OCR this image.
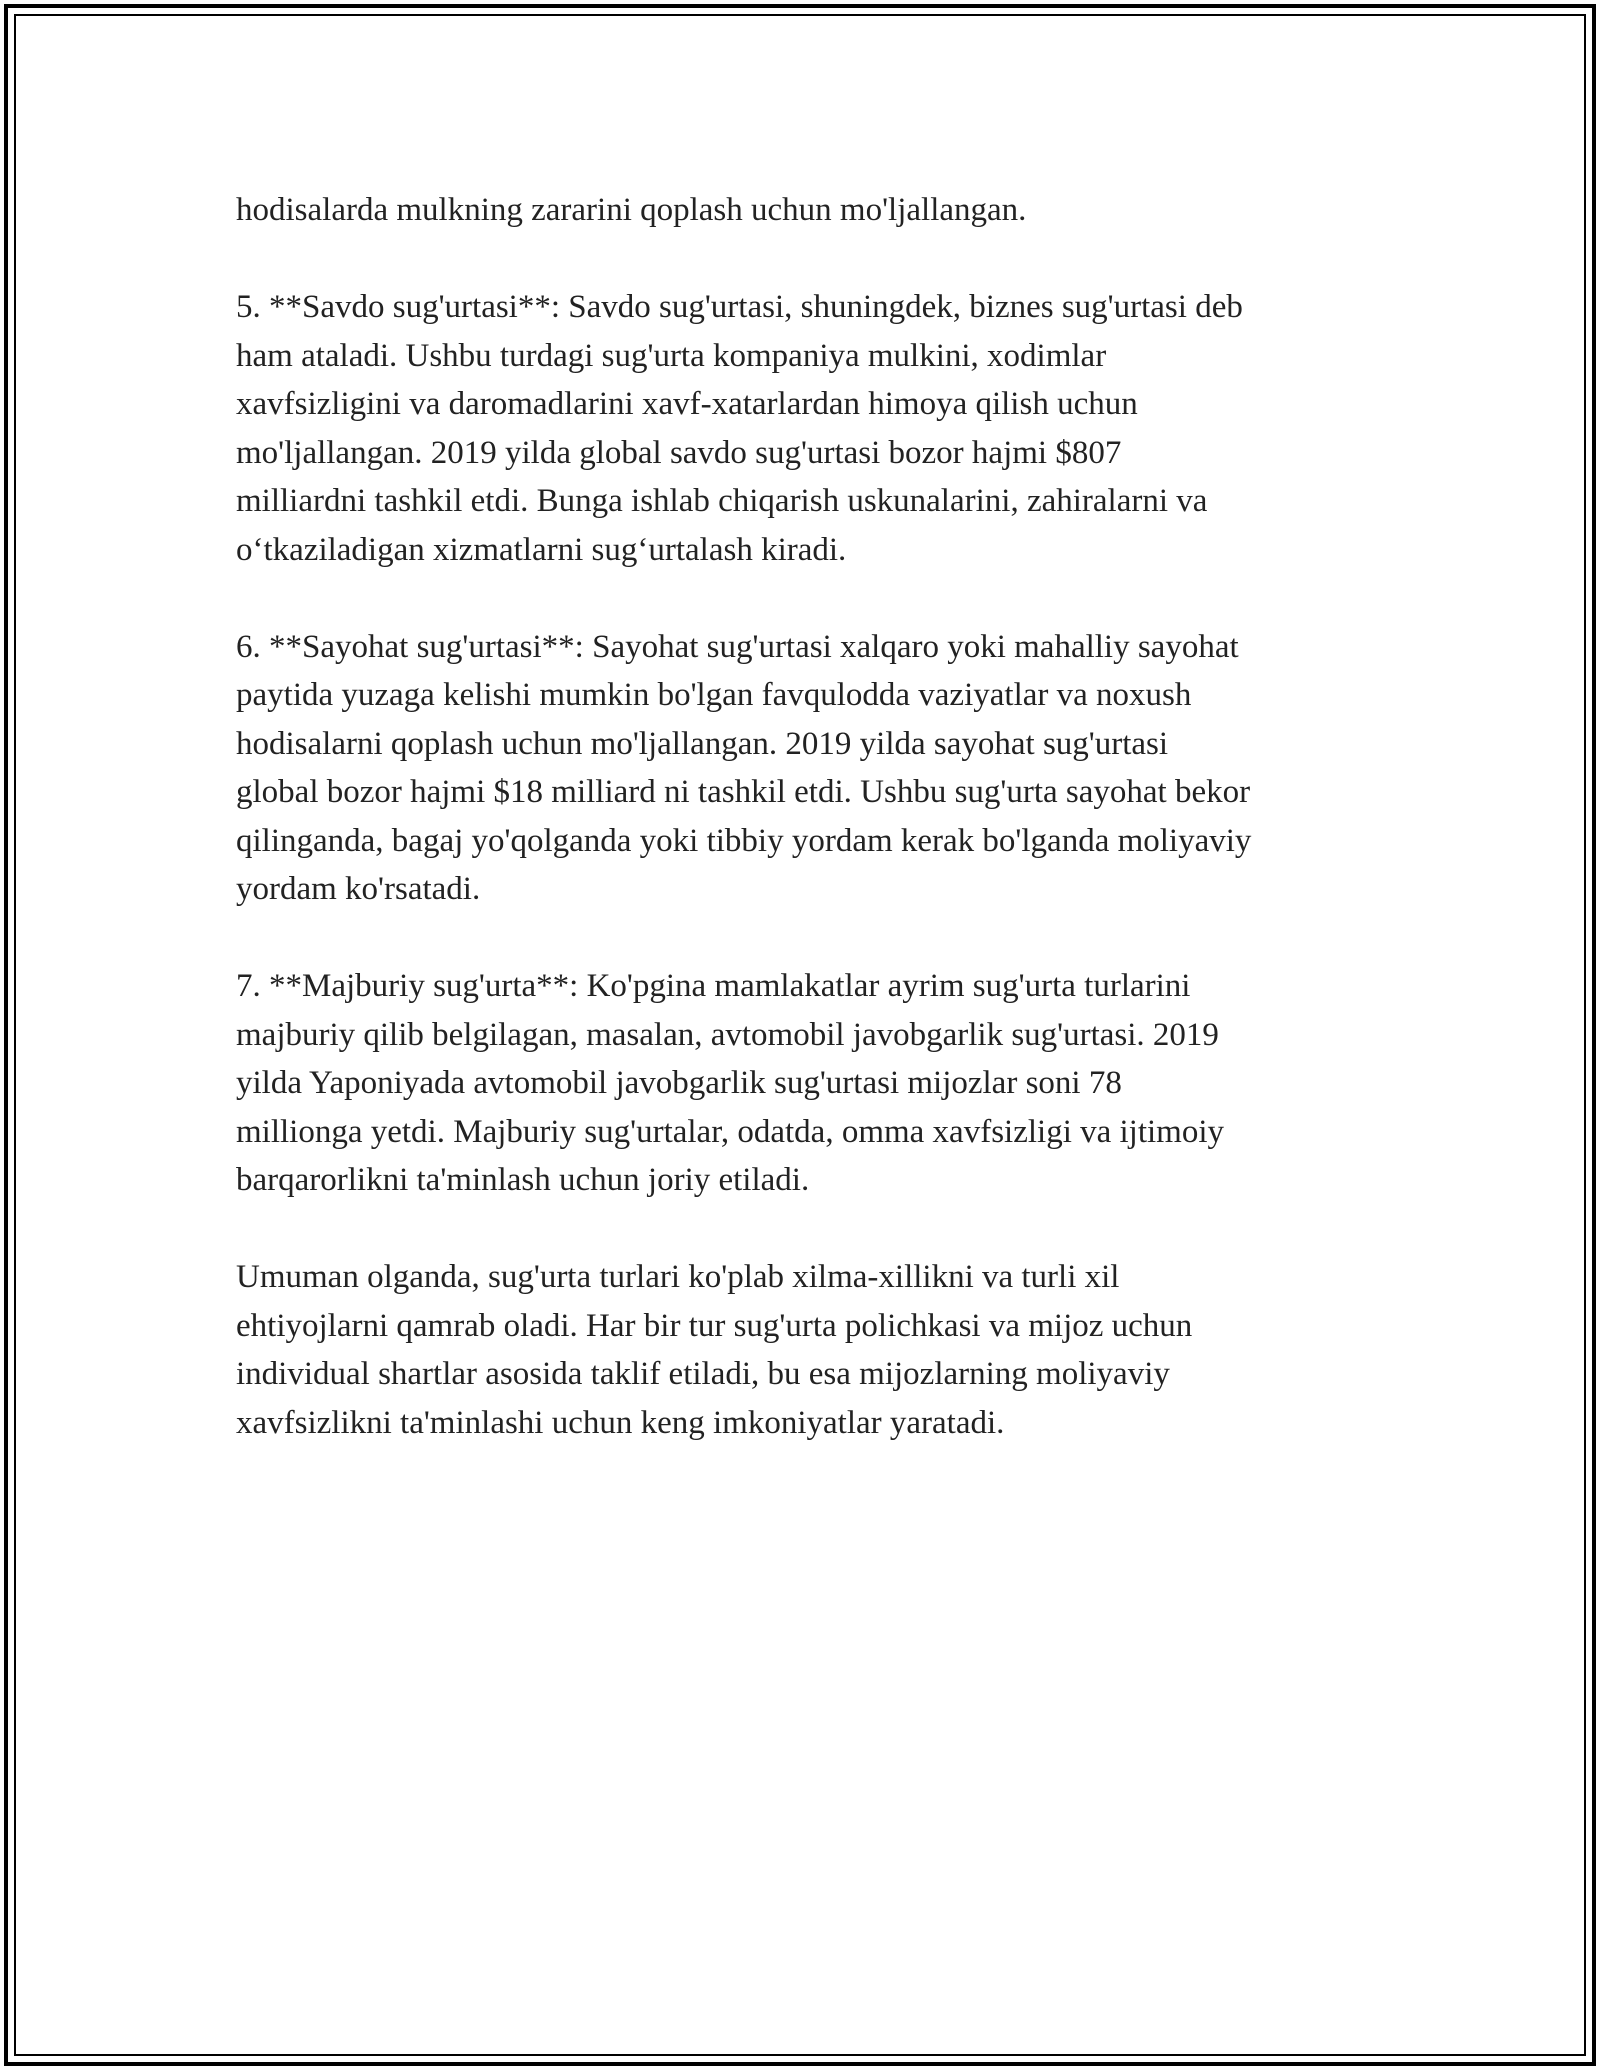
hodisalarda mulkning zararini qoplash uchun mo'ljallangan.

5. **Savdo sug'urtasi**: Savdo sug'urtasi, shuningdek, biznes sug'urtasi deb
ham ataladi. Ushbu turdagi sug'urta kompaniya mulkini, xodimlar
xavfsizligini va daromadlarini xavf-xatarlardan himoya qilish uchun
mo'ljallangan. 2019 yilda global savdo sug'urtasi bozor hajmi $807
milliardni tashkil etdi. Bunga ishlab chiqarish uskunalarini, zahiralarni va
o‘tkaziladigan xizmatlarni sug‘urtalash kiradi.

6. **Sayohat sug'urtasi**: Sayohat sug'urtasi xalqaro yoki mahalliy sayohat
paytida yuzaga kelishi mumkin bo'lgan favqulodda vaziyatlar va noxush
hodisalarni qoplash uchun mo'ljallangan. 2019 yilda sayohat sug'urtasi
global bozor hajmi $18 milliard ni tashkil etdi. Ushbu sug'urta sayohat bekor
qilinganda, bagaj yo'qolganda yoki tibbiy yordam kerak bo'lganda moliyaviy
yordam ko'rsatadi.

7. **Majburiy sug'urta**: Ko'pgina mamlakatlar ayrim sug'urta turlarini
majburiy qilib belgilagan, masalan, avtomobil javobgarlik sug'urtasi. 2019
yilda Yaponiyada avtomobil javobgarlik sug'urtasi mijozlar soni 78
millionga yetdi. Majburiy sug'urtalar, odatda, omma xavfsizligi va ijtimoiy
barqarorlikni ta'minlash uchun joriy etiladi.

Umuman olganda, sug'urta turlari ko'plab xilma-xillikni va turli xil
ehtiyojlarni qamrab oladi. Har bir tur sug'urta polichkasi va mijoz uchun
individual shartlar asosida taklif etiladi, bu esa mijozlarning moliyaviy
xavfsizlikni ta'minlashi uchun keng imkoniyatlar yaratadi.
